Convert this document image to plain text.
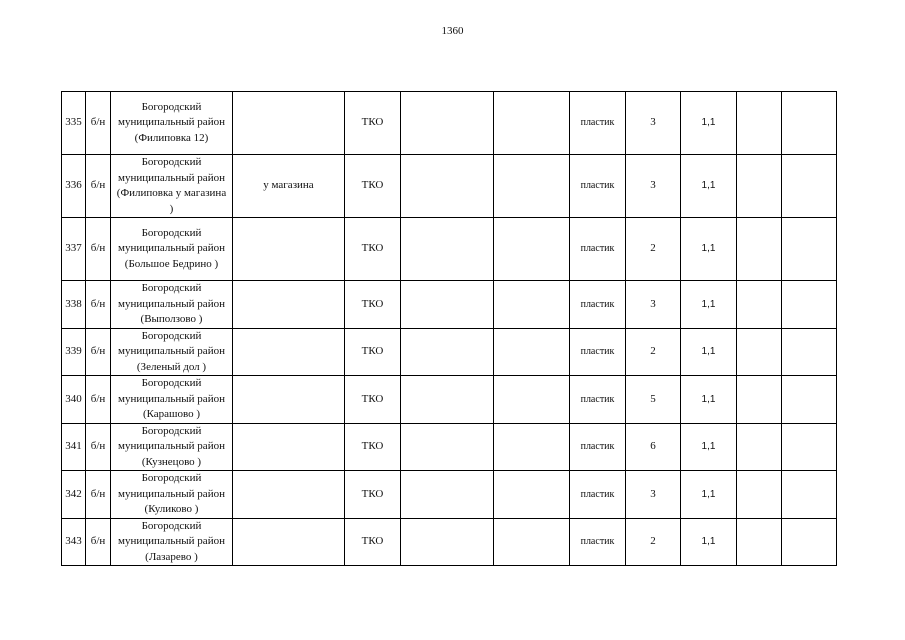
1360
335	б/н	Богородский
муниципальный район
(Филиповка 12)		ТКО			пластик	3	1,1		
336	б/н	Богородский
муниципальный район
(Филиповка у магазина
)	у магазина	ТКО			пластик	3	1,1		
337	б/н	Богородский
муниципальный район
(Большое Бедрино )		ТКО			пластик	2	1,1		
338	б/н	Богородский
муниципальный район
(Выползово )		ТКО			пластик	3	1,1		
339	б/н	Богородский
муниципальный район
(Зеленый дол )		ТКО			пластик	2	1,1		
340	б/н	Богородский
муниципальный район
(Карашово )		ТКО			пластик	5	1,1		
341	б/н	Богородский
муниципальный район
(Кузнецово )		ТКО			пластик	6	1,1		
342	б/н	Богородский
муниципальный район
(Куликово )		ТКО			пластик	3	1,1		
343	б/н	Богородский
муниципальный район
(Лазарево )		ТКО			пластик	2	1,1		
